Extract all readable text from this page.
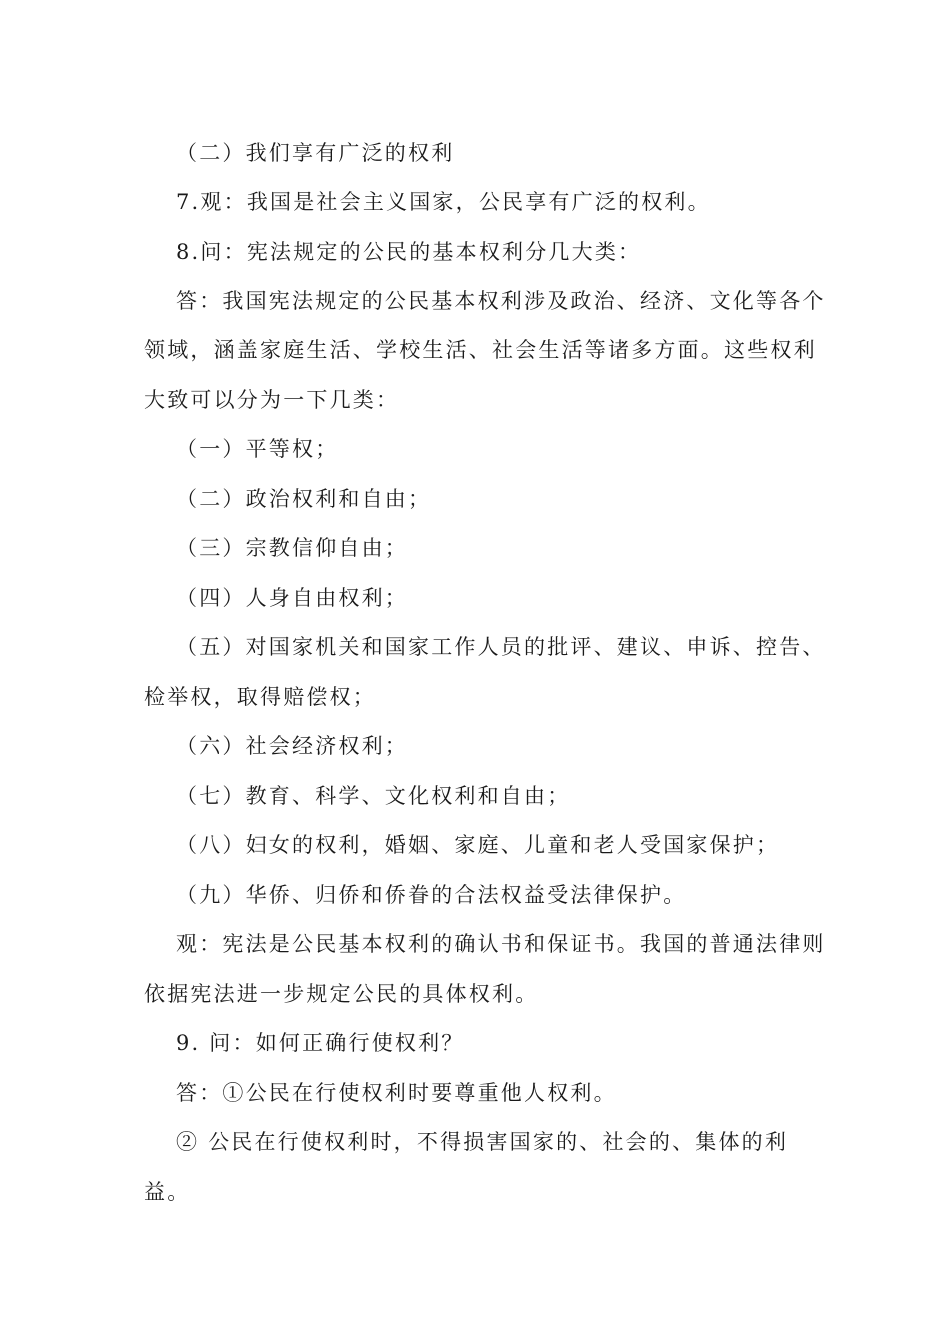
（二）我们享有广泛的权利
7.观：我国是社会主义国家，公民享有广泛的权利。
8.问：宪法规定的公民的基本权利分几大类：
答：我国宪法规定的公民基本权利涉及政治、经济、文化等各个
领域，涵盖家庭生活、学校生活、社会生活等诸多方面。这些权利
大致可以分为一下几类：
（一）平等权；
（二）政治权利和自由；
（三）宗教信仰自由；
（四）人身自由权利；
（五）对国家机关和国家工作人员的批评、建议、申诉、控告、
检举权，取得赔偿权；
（六）社会经济权利；
（七）教育、科学、文化权利和自由；
（八）妇女的权利，婚姻、家庭、儿童和老人受国家保护；
（九）华侨、归侨和侨眷的合法权益受法律保护。
观：宪法是公民基本权利的确认书和保证书。我国的普通法律则
依据宪法进一步规定公民的具体权利。
9. 问：如何正确行使权利？
答：①公民在行使权利时要尊重他人权利。
② 公民在行使权利时，不得损害国家的、社会的、集体的利
益。
